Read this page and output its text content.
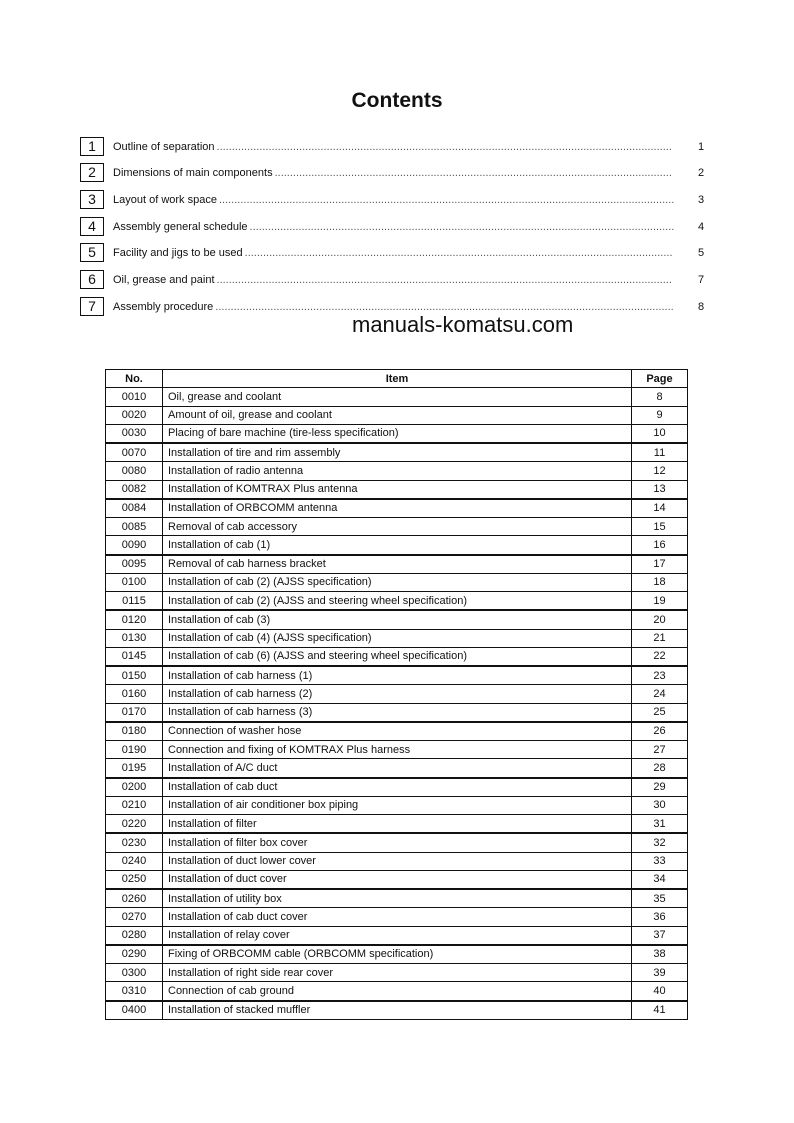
Contents
1	Outline of separation .....................................................................................................................................................	1
2	Dimensions of main components ..................................................................................................................................	2
3	Layout of work space .....................................................................................................................................................	3
4	Assembly general schedule ...........................................................................................................................................	4
5	Facility and jigs to be used ............................................................................................................................................	5
6	Oil, grease and paint .....................................................................................................................................................	7
7	Assembly procedure ......................................................................................................................................................	8
manuals-komatsu.com
No.	Item	Page
0010	Oil, grease and coolant	8
0020	Amount of oil, grease and coolant	9
0030	Placing of bare machine (tire-less specification)	10
0070	Installation of tire and rim assembly	11
0080	Installation of radio antenna	12
0082	Installation of KOMTRAX Plus antenna	13
0084	Installation of ORBCOMM antenna	14
0085	Removal of cab accessory	15
0090	Installation of cab (1)	16
0095	Removal of cab harness bracket	17
0100	Installation of cab (2) (AJSS specification)	18
0115	Installation of cab (2) (AJSS and steering wheel specification)	19
0120	Installation of cab (3)	20
0130	Installation of cab (4) (AJSS specification)	21
0145	Installation of cab (6) (AJSS and steering wheel specification)	22
0150	Installation of cab harness (1)	23
0160	Installation of cab harness (2)	24
0170	Installation of cab harness (3)	25
0180	Connection of washer hose	26
0190	Connection and fixing of KOMTRAX Plus harness	27
0195	Installation of A/C duct	28
0200	Installation of cab duct	29
0210	Installation of air conditioner box piping	30
0220	Installation of filter	31
0230	Installation of filter box cover	32
0240	Installation of duct lower cover	33
0250	Installation of duct cover	34
0260	Installation of utility box	35
0270	Installation of cab duct cover	36
0280	Installation of relay cover	37
0290	Fixing of ORBCOMM cable (ORBCOMM specification)	38
0300	Installation of right side rear cover	39
0310	Connection of cab ground	40
0400	Installation of stacked muffler	41
